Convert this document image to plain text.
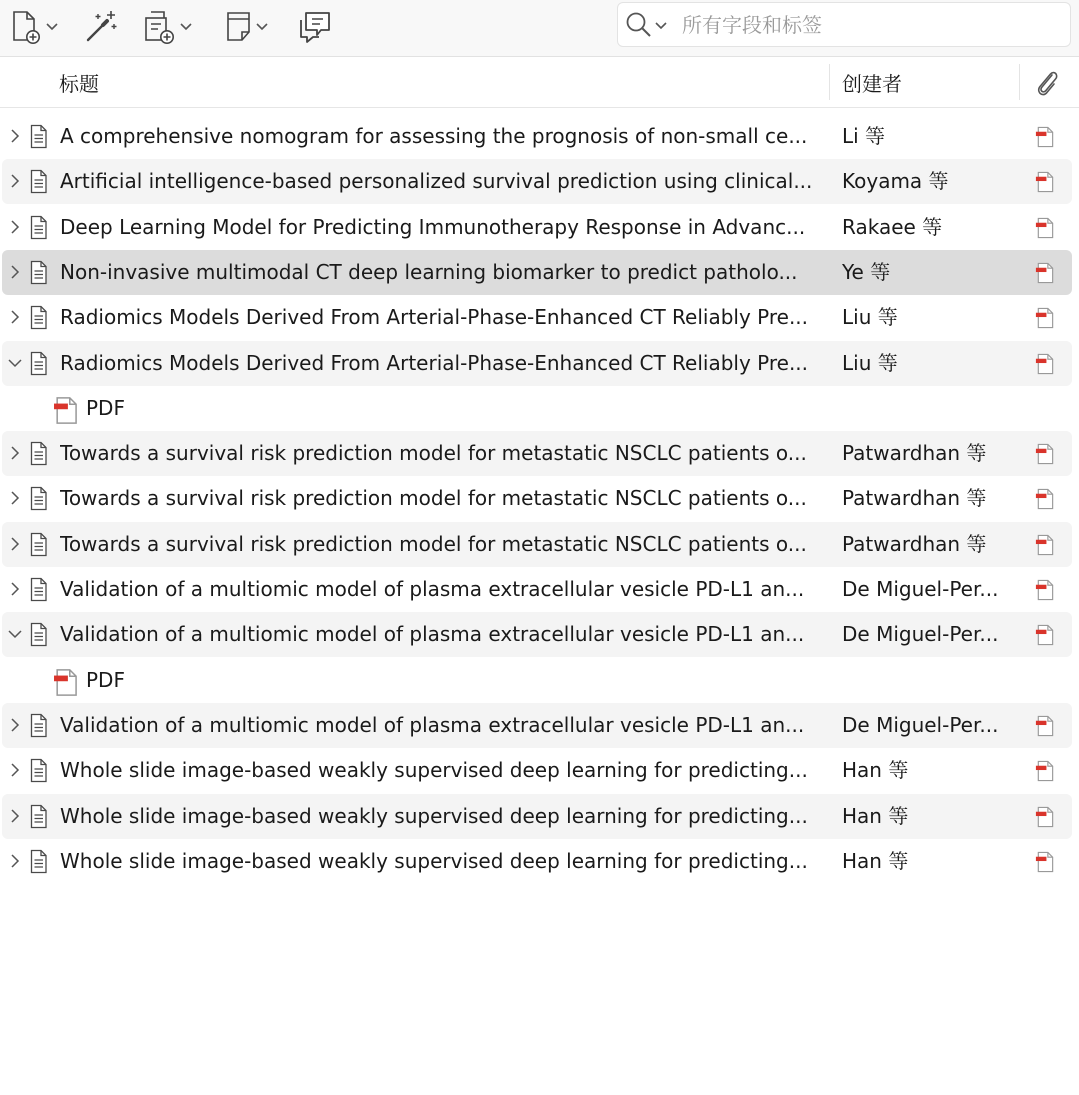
所有字段和标签
标题	创建者
A comprehensive nomogram for assessing the prognosis of non-small ce...	Li 等
Artificial intelligence-based personalized survival prediction using clinical...	Koyama 等
Deep Learning Model for Predicting Immunotherapy Response in Advanc...	Rakaee 等
Non-invasive multimodal CT deep learning biomarker to predict patholo...	Ye 等
Radiomics Models Derived From Arterial-Phase-Enhanced CT Reliably Pre...	Liu 等
Radiomics Models Derived From Arterial-Phase-Enhanced CT Reliably Pre...	Liu 等
PDF
Towards a survival risk prediction model for metastatic NSCLC patients o...	Patwardhan 等
Towards a survival risk prediction model for metastatic NSCLC patients o...	Patwardhan 等
Towards a survival risk prediction model for metastatic NSCLC patients o...	Patwardhan 等
Validation of a multiomic model of plasma extracellular vesicle PD-L1 an...	De Miguel-Per...
Validation of a multiomic model of plasma extracellular vesicle PD-L1 an...	De Miguel-Per...
PDF
Validation of a multiomic model of plasma extracellular vesicle PD-L1 an...	De Miguel-Per...
Whole slide image-based weakly supervised deep learning for predicting...	Han 等
Whole slide image-based weakly supervised deep learning for predicting...	Han 等
Whole slide image-based weakly supervised deep learning for predicting...	Han 等
